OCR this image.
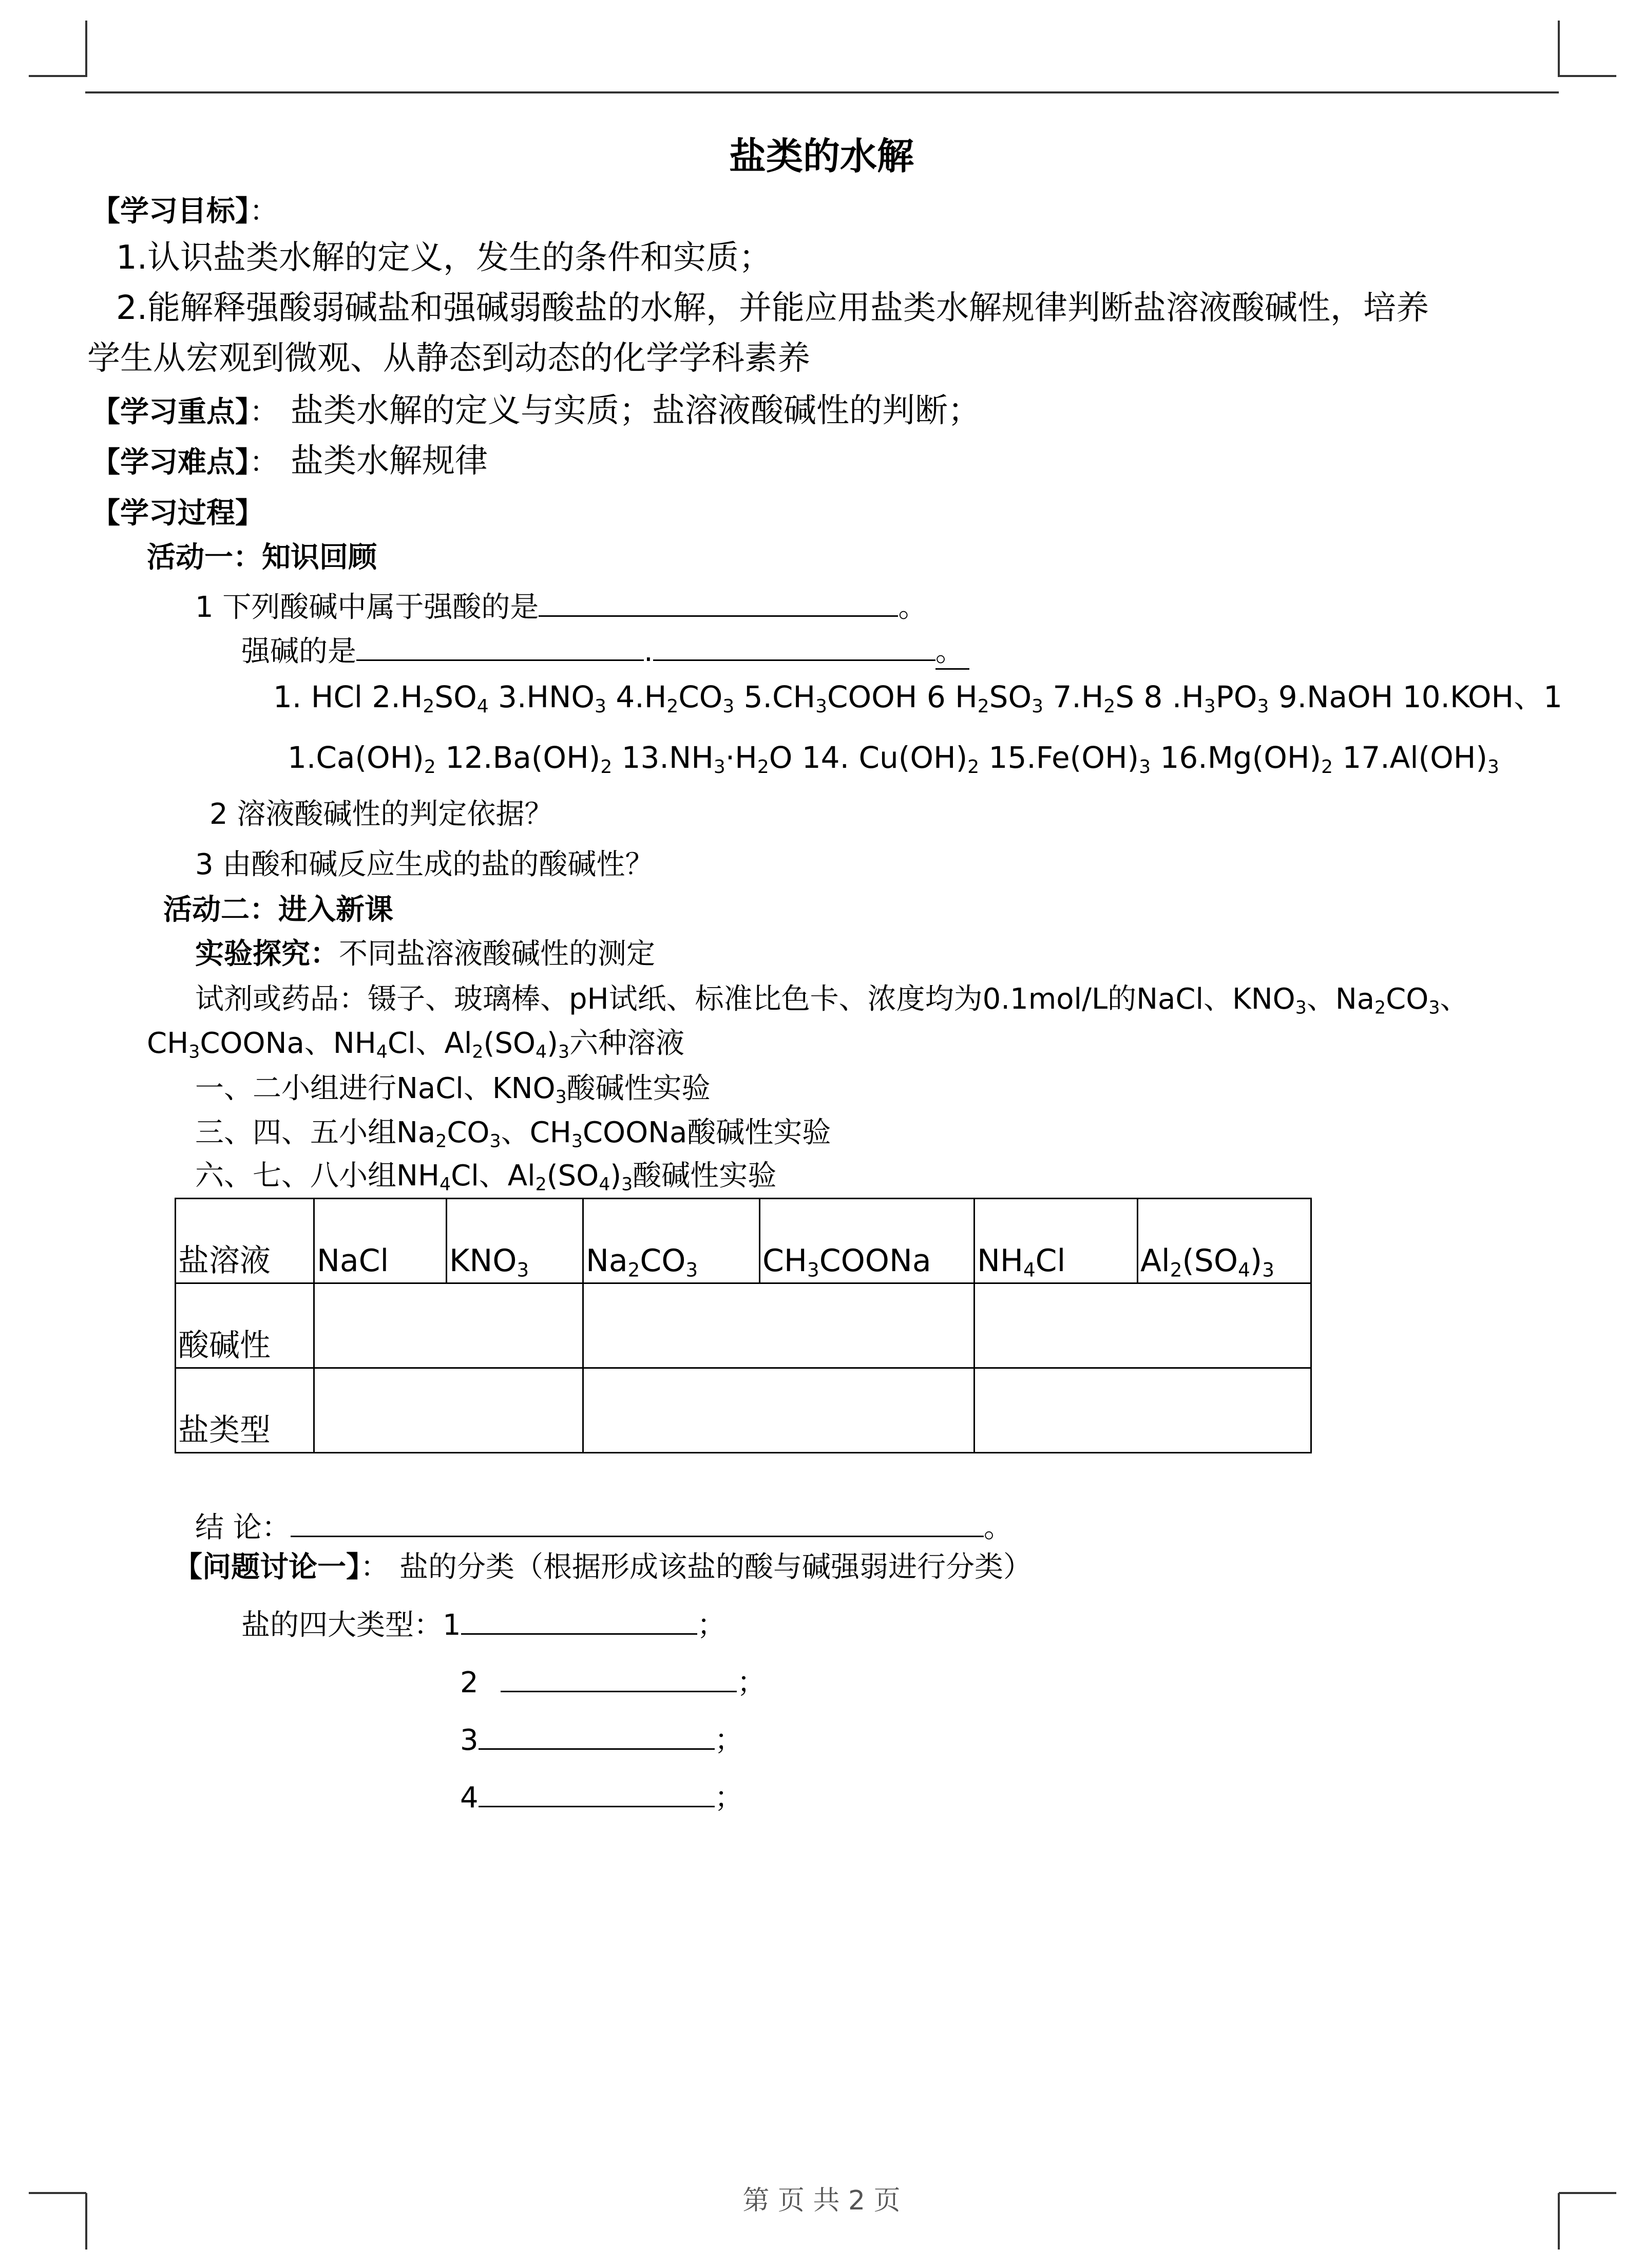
盐类的水解
【学习目标】：
1.认识盐类水解的定义，发生的条件和实质；
2.能解释强酸弱碱盐和强碱弱酸盐的水解，并能应用盐类水解规律判断盐溶液酸碱性，培养
学生从宏观到微观、从静态到动态的化学学科素养
【学习重点】： 盐类水解的定义与实质；盐溶液酸碱性的判断；
【学习难点】： 盐类水解规律
【学习过程】
活动一：知识回顾
1 下列酸碱中属于强酸的是	。
强碱的是	.	。
1. HCl $2.H_2SO_4$ $3.HNO_3$ $4.H_2CO_3$ $5.CH_3COOH$ 6 $H_2SO_3$ $7.H_2S$ 8 $.H_3PO_3$ 9.NaOH 10.KOH、1
$1.Ca(OH)_2$ $12.Ba(OH)_2$ $13.NH_3\cdot H_2O$ 14. $Cu(OH)_2$ $15.Fe(OH)_3$ $16.Mg(OH)_2$ $17.Al(OH)_3$
2 溶液酸碱性的判定依据？
3 由酸和碱反应生成的盐的酸碱性？
活动二：进入新课
实验探究：不同盐溶液酸碱性的测定
试剂或药品：镊子、玻璃棒、pH试纸、标准比色卡、浓度均为0.1mol/L的NaCl、$KNO_3$、$Na_2CO_3$、
$CH_3COONa$、$NH_4Cl$、$Al_2(SO_4)_3$六种溶液
一、二小组进行NaCl、$KNO_3$酸碱性实验
三、四、五小组$Na_2CO_3$、$CH_3COONa$酸碱性实验
六、七、八小组$NH_4Cl$、$Al_2(SO_4)_3$酸碱性实验
盐溶液	NaCl	$KNO_3$	$Na_2CO_3$	$CH_3COONa$	$NH_4Cl$	$Al_2(SO_4)_3$
酸碱性						
盐类型						
结 论：	。
【问题讨论一】： 盐的分类（根据形成该盐的酸与碱强弱进行分类）
盐的四大类型：1	；
2	；
3	；
4	；
第 页 共 2 页
